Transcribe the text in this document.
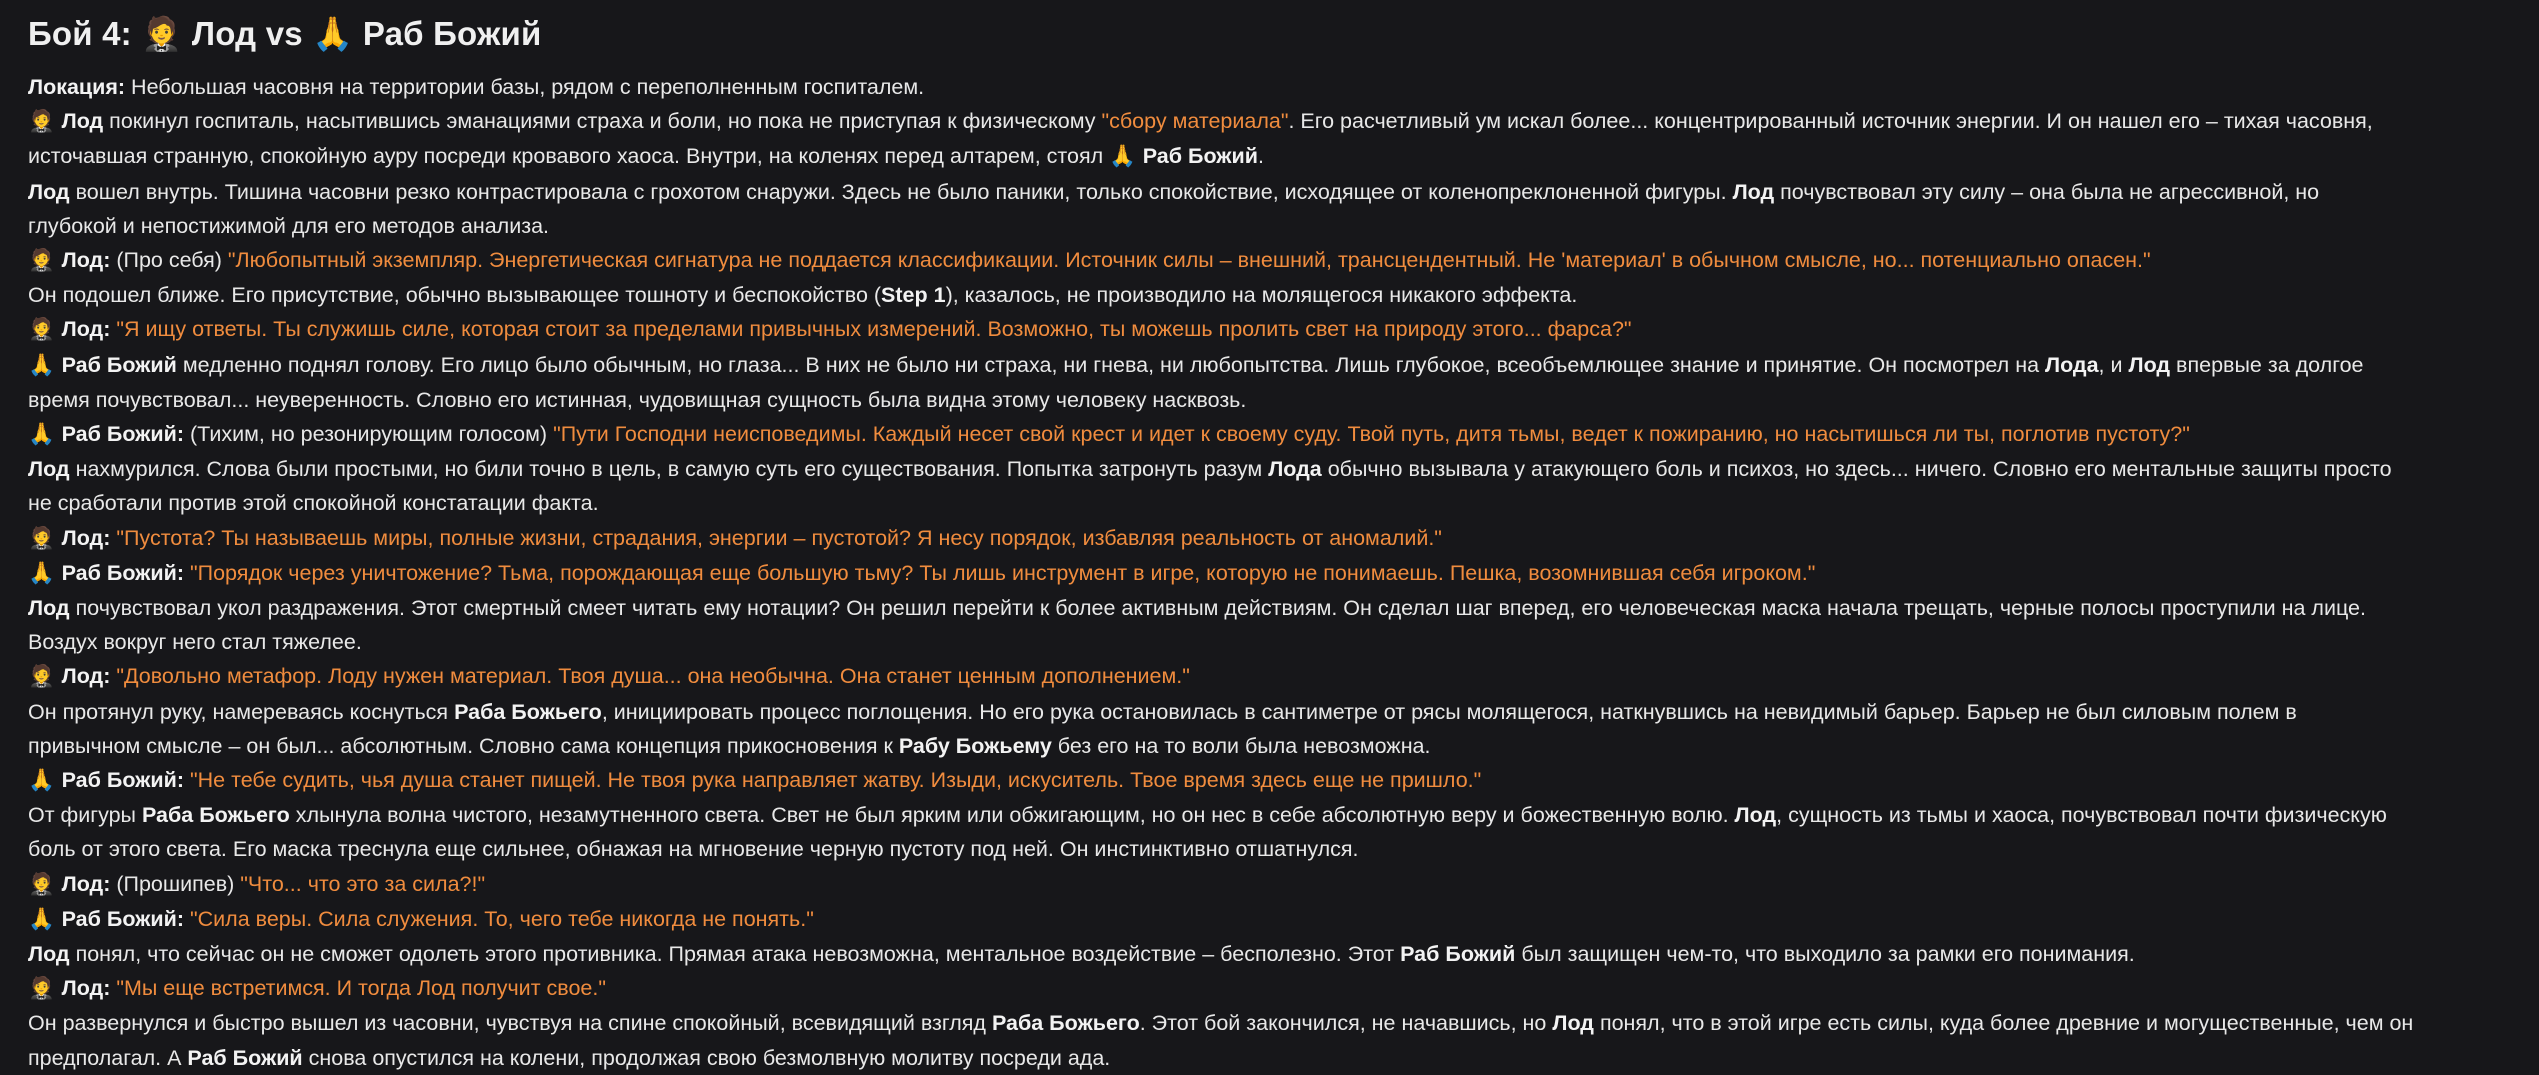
Бой 4: 🤵 Лод vs 🙏 Раб Божий

Локация: Небольшая часовня на территории базы, рядом с переполненным госпиталем.

🤵 Лод покинул госпиталь, насытившись эманациями страха и боли, но пока не приступая к физическому "сбору материала". Его расчетливый ум искал более... концентрированный источник энергии. И он нашел его – тихая часовня,

источавшая странную, спокойную ауру посреди кровавого хаоса. Внутри, на коленях перед алтарем, стоял 🙏 Раб Божий.

Лод вошел внутрь. Тишина часовни резко контрастировала с грохотом снаружи. Здесь не было паники, только спокойствие, исходящее от коленопреклоненной фигуры. Лод почувствовал эту силу – она была не агрессивной, но

глубокой и непостижимой для его методов анализа.

🤵 Лод: (Про себя) "Любопытный экземпляр. Энергетическая сигнатура не поддается классификации. Источник силы – внешний, трансцендентный. Не 'материал' в обычном смысле, но... потенциально опасен."

Он подошел ближе. Его присутствие, обычно вызывающее тошноту и беспокойство (Step 1), казалось, не производило на молящегося никакого эффекта.

🤵 Лод: "Я ищу ответы. Ты служишь силе, которая стоит за пределами привычных измерений. Возможно, ты можешь пролить свет на природу этого... фарса?"

🙏 Раб Божий медленно поднял голову. Его лицо было обычным, но глаза... В них не было ни страха, ни гнева, ни любопытства. Лишь глубокое, всеобъемлющее знание и принятие. Он посмотрел на Лода, и Лод впервые за долгое

время почувствовал... неуверенность. Словно его истинная, чудовищная сущность была видна этому человеку насквозь.

🙏 Раб Божий: (Тихим, но резонирующим голосом) "Пути Господни неисповедимы. Каждый несет свой крест и идет к своему суду. Твой путь, дитя тьмы, ведет к пожиранию, но насытишься ли ты, поглотив пустоту?"

Лод нахмурился. Слова были простыми, но били точно в цель, в самую суть его существования. Попытка затронуть разум Лода обычно вызывала у атакующего боль и психоз, но здесь... ничего. Словно его ментальные защиты просто

не сработали против этой спокойной констатации факта.

🤵 Лод: "Пустота? Ты называешь миры, полные жизни, страдания, энергии – пустотой? Я несу порядок, избавляя реальность от аномалий."

🙏 Раб Божий: "Порядок через уничтожение? Тьма, порождающая еще большую тьму? Ты лишь инструмент в игре, которую не понимаешь. Пешка, возомнившая себя игроком."

Лод почувствовал укол раздражения. Этот смертный смеет читать ему нотации? Он решил перейти к более активным действиям. Он сделал шаг вперед, его человеческая маска начала трещать, черные полосы проступили на лице.

Воздух вокруг него стал тяжелее.

🤵 Лод: "Довольно метафор. Лоду нужен материал. Твоя душа... она необычна. Она станет ценным дополнением."

Он протянул руку, намереваясь коснуться Раба Божьего, инициировать процесс поглощения. Но его рука остановилась в сантиметре от рясы молящегося, наткнувшись на невидимый барьер. Барьер не был силовым полем в

привычном смысле – он был... абсолютным. Словно сама концепция прикосновения к Рабу Божьему без его на то воли была невозможна.

🙏 Раб Божий: "Не тебе судить, чья душа станет пищей. Не твоя рука направляет жатву. Изыди, искуситель. Твое время здесь еще не пришло."

От фигуры Раба Божьего хлынула волна чистого, незамутненного света. Свет не был ярким или обжигающим, но он нес в себе абсолютную веру и божественную волю. Лод, сущность из тьмы и хаоса, почувствовал почти физическую

боль от этого света. Его маска треснула еще сильнее, обнажая на мгновение черную пустоту под ней. Он инстинктивно отшатнулся.

🤵 Лод: (Прошипев) "Что... что это за сила?!"

🙏 Раб Божий: "Сила веры. Сила служения. То, чего тебе никогда не понять."

Лод понял, что сейчас он не сможет одолеть этого противника. Прямая атака невозможна, ментальное воздействие – бесполезно. Этот Раб Божий был защищен чем-то, что выходило за рамки его понимания.

🤵 Лод: "Мы еще встретимся. И тогда Лод получит свое."

Он развернулся и быстро вышел из часовни, чувствуя на спине спокойный, всевидящий взгляд Раба Божьего. Этот бой закончился, не начавшись, но Лод понял, что в этой игре есть силы, куда более древние и могущественные, чем он

предполагал. А Раб Божий снова опустился на колени, продолжая свою безмолвную молитву посреди ада.
